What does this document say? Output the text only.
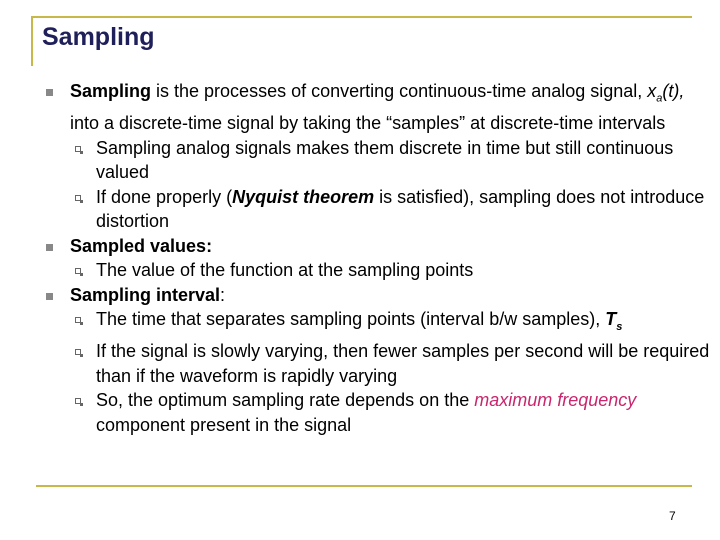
Sampling
Sampling is the processes of converting continuous-time analog signal, $x_a(t)$, into a discrete-time signal by taking the “samples” at discrete-time intervals
Sampling analog signals makes them discrete in time but still continuous valued
If done properly (Nyquist theorem is satisfied), sampling does not introduce distortion
Sampled values:
The value of the function at the sampling points
Sampling interval:
The time that separates sampling points (interval b/w samples), $T_s$
If the signal is slowly varying, then fewer samples per second will be required than if the waveform is rapidly varying
So, the optimum sampling rate depends on the maximum frequency component present in the signal
7
